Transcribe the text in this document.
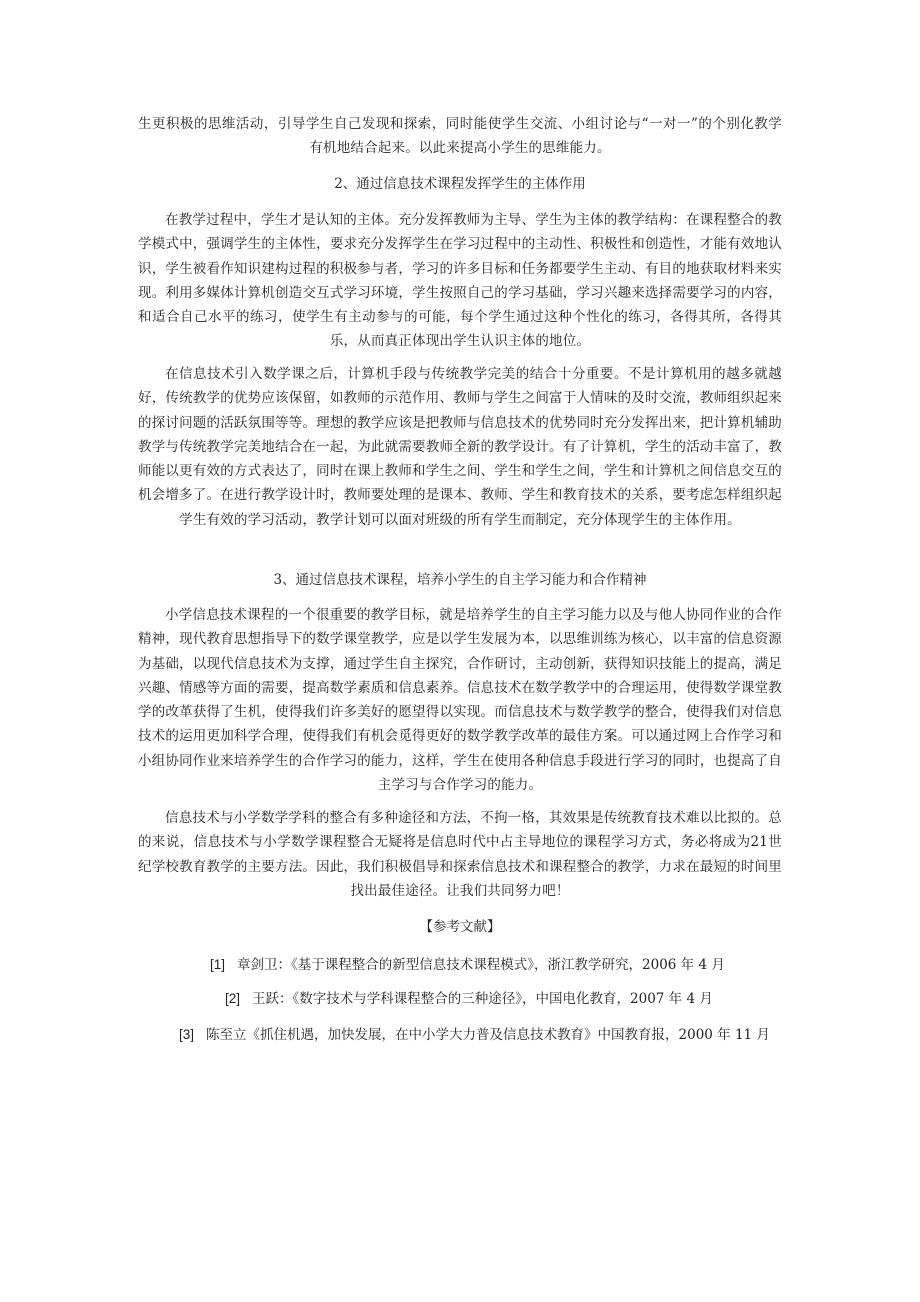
生更积极的思维活动，引导学生自己发现和探索，同时能使学生交流、小组讨论与“一对一”的个别化教学有机地结合起来。以此来提高小学生的思维能力。
2、通过信息技术课程发挥学生的主体作用
在教学过程中，学生才是认知的主体。充分发挥教师为主导、学生为主体的教学结构：在课程整合的教学模式中，强调学生的主体性，要求充分发挥学生在学习过程中的主动性、积极性和创造性，才能有效地认识，学生被看作知识建构过程的积极参与者，学习的许多目标和任务都要学生主动、有目的地获取材料来实现。利用多媒体计算机创造交互式学习环境，学生按照自己的学习基础，学习兴趣来选择需要学习的内容，和适合自己水平的练习，使学生有主动参与的可能，每个学生通过这种个性化的练习，各得其所，各得其乐，从而真正体现出学生认识主体的地位。
在信息技术引入数学课之后，计算机手段与传统教学完美的结合十分重要。不是计算机用的越多就越好，传统教学的优势应该保留，如教师的示范作用、教师与学生之间富于人情味的及时交流，教师组织起来的探讨问题的活跃氛围等等。理想的教学应该是把教师与信息技术的优势同时充分发挥出来，把计算机辅助教学与传统教学完美地结合在一起，为此就需要教师全新的教学设计。有了计算机，学生的活动丰富了，教师能以更有效的方式表达了，同时在课上教师和学生之间、学生和学生之间，学生和计算机之间信息交互的机会增多了。在进行教学设计时，教师要处理的是课本、教师、学生和教育技术的关系，要考虑怎样组织起学生有效的学习活动，教学计划可以面对班级的所有学生而制定，充分体现学生的主体作用。
3、通过信息技术课程，培养小学生的自主学习能力和合作精神
小学信息技术课程的一个很重要的教学目标，就是培养学生的自主学习能力以及与他人协同作业的合作精神，现代教育思想指导下的数学课堂教学，应是以学生发展为本，以思维训练为核心，以丰富的信息资源为基础，以现代信息技术为支撑，通过学生自主探究，合作研讨，主动创新，获得知识技能上的提高，满足兴趣、情感等方面的需要，提高数学素质和信息素养。信息技术在数学教学中的合理运用，使得数学课堂教学的改革获得了生机，使得我们许多美好的愿望得以实现。而信息技术与数学教学的整合，使得我们对信息技术的运用更加科学合理，使得我们有机会觅得更好的数学教学改革的最佳方案。可以通过网上合作学习和小组协同作业来培养学生的合作学习的能力，这样，学生在使用各种信息手段进行学习的同时，也提高了自主学习与合作学习的能力。
信息技术与小学数学学科的整合有多种途径和方法，不拘一格，其效果是传统教育技术难以比拟的。总的来说，信息技术与小学数学课程整合无疑将是信息时代中占主导地位的课程学习方式，务必将成为21世纪学校教育教学的主要方法。因此，我们积极倡导和探索信息技术和课程整合的教学，力求在最短的时间里找出最佳途径。让我们共同努力吧！
【参考文献】
[1] 章剑卫：《基于课程整合的新型信息技术课程模式》，浙江教学研究，2006 年 4 月
[2] 王跃：《数字技术与学科课程整合的三种途径》，中国电化教育，2007 年 4 月
[3] 陈至立《抓住机遇，加快发展，在中小学大力普及信息技术教育》中国教育报，2000 年 11 月
